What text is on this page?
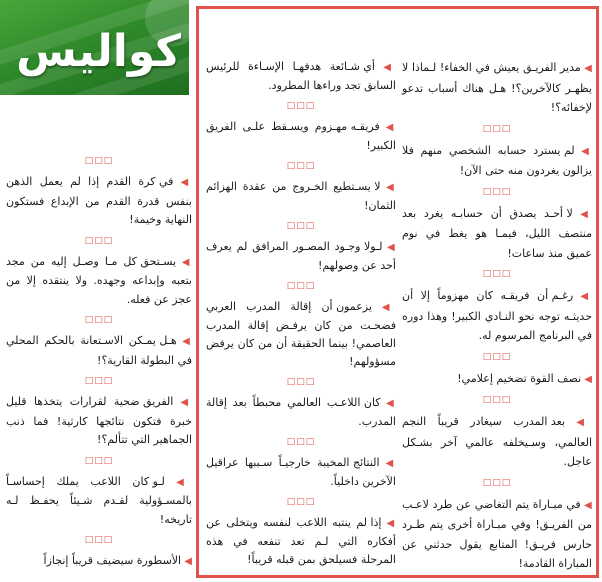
كواليس	◀ مدير الفريـق يعيش في الخفاء! لـماذا لا يظهـر كالآخرين؟! هـل هناك أسباب تدعو لإخفائه؟!

□□□

◀ لم يسترد حسابه الشخصي منهم فلا يزالون يغردون منه حتى الآن!

□□□

◀ لا أحـد يصدق أن حسابـه يغرد بعد منتصف الليل، فيمـا هو يغط في نوم عميق منذ ساعات!

□□□

◀ رغـم أن فريقـه كان مهزوماً إلا أن حديثـه توجه نحو النـادي الكبير! وهذا دوره في البرنامج المرسوم له.

□□□

◀ نصف القوة تضخيم إعلامي!

□□□

◀ بعد المدرب سيغادر قريباً النجم العالمي، وسـيخلفه عالمي آخر بشـكل عاجل.

□□□

◀ في مبـاراة يتم التغاضي عن طرد لاعـب من الفريـق! وفي مبـاراة أخرى يتم طـرد حارس فريـق! المتابع يقول حدثني عن المباراة القادمة!

◀ أي شـائعة هدفهـا الإسـاءة للرئيس السابق تجد وراءها المطرود.

□□□

◀ فريقـه مهـزوم ويسـقط علـى الفريق الكبير!

□□□

◀ لا يسـتطيع الخـروج من عقدة الهزائم الثمان!

□□□

◀ لـولا وجـود المصـور المرافق لم يعرف أحد عن وصولهم!

□□□

◀ يزعمون أن إقالة المدرب العربي فضحـت من كان يرفـض إقالة المدرب العاصمي! بينما الحقيقة أن من كان يرفض مسؤولهم!

□□□

◀ كان اللاعـب العالمي محبطاً بعد إقالة المدرب.

□□□

◀ النتائج المخيبة خارجيـاً سـببها عراقيل الآخرين داخلياً.

□□□

◀ إذا لم ينتبه اللاعب لنفسه ويتخلى عن أفكاره التي لـم تعد تنفعه في هذه المرحلة فسيلحق بمن قبله قريباً!

□□□

◀ في كرة القدم إذا لم يعمل الذهن بنفس قدرة القدم من الإبداع فستكون النهاية وخيمة!

□□□

◀ يسـتحق كل مـا وصـل إليه من مجد بتعبه وإبداعه وجهده. ولا ينتقده إلا من عجز عن فعله.

□□□

◀ هـل يمـكن الاسـتعانة بالحكم المحلي في البطولة القارية؟!

□□□

◀ الفريق ضحية لقرارات يتخذها قليل خبرة فتكون نتائجها كارثية! فما ذنب الجماهير التي تتألم؟!

□□□

◀ لـو كان اللاعب يملك إحساسـاً بالمسـؤولية لقـدم شـيئاً يحفـظ لـه تاريخه!

□□□

◀ الأسطورة سيضيف قريباً إنجازاً
